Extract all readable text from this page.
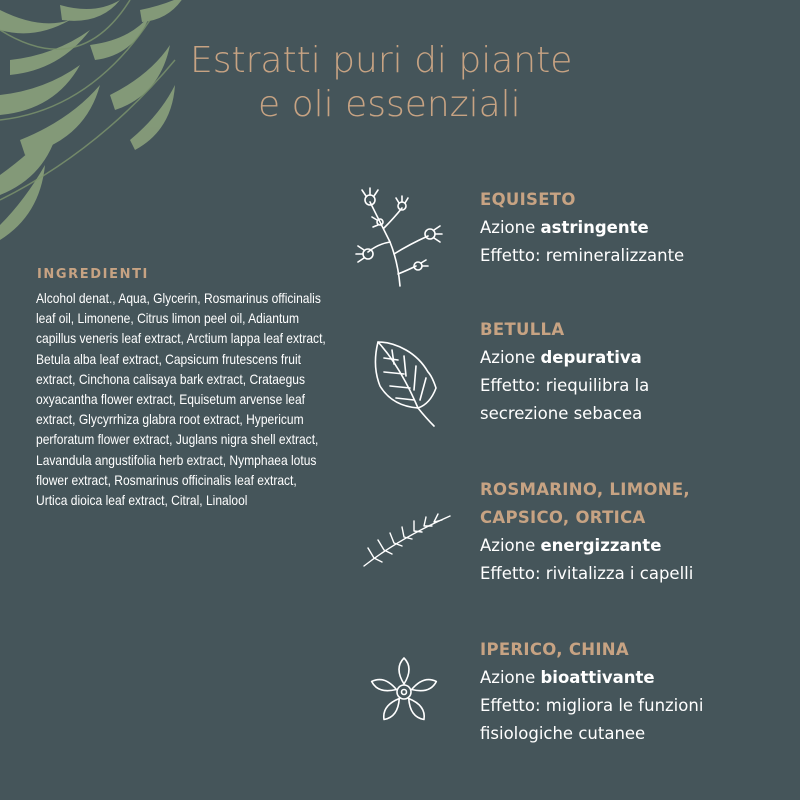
Estratti puri di piante
e oli essenziali
INGREDIENTI
Alcohol denat., Aqua, Glycerin, Rosmarinus officinalis leaf oil, Limonene, Citrus limon peel oil, Adiantum capillus veneris leaf extract, Arctium lappa leaf extract, Betula alba leaf extract, Capsicum frutescens fruit extract, Cinchona calisaya bark extract, Crataegus oxyacantha flower extract, Equisetum arvense leaf extract, Glycyrrhiza glabra root extract, Hypericum perforatum flower extract, Juglans nigra shell extract, Lavandula angustifolia herb extract, Nymphaea lotus flower extract, Rosmarinus officinalis leaf extract, Urtica dioica leaf extract, Citral, Linalool
EQUISETO
Azione astringente
Effetto: remineralizzante
BETULLA
Azione depurativa
Effetto: riequilibra la
secrezione sebacea
ROSMARINO, LIMONE,
CAPSICO, ORTICA
Azione energizzante
Effetto: rivitalizza i capelli
IPERICO, CHINA
Azione bioattivante
Effetto: migliora le funzioni
fisiologiche cutanee
